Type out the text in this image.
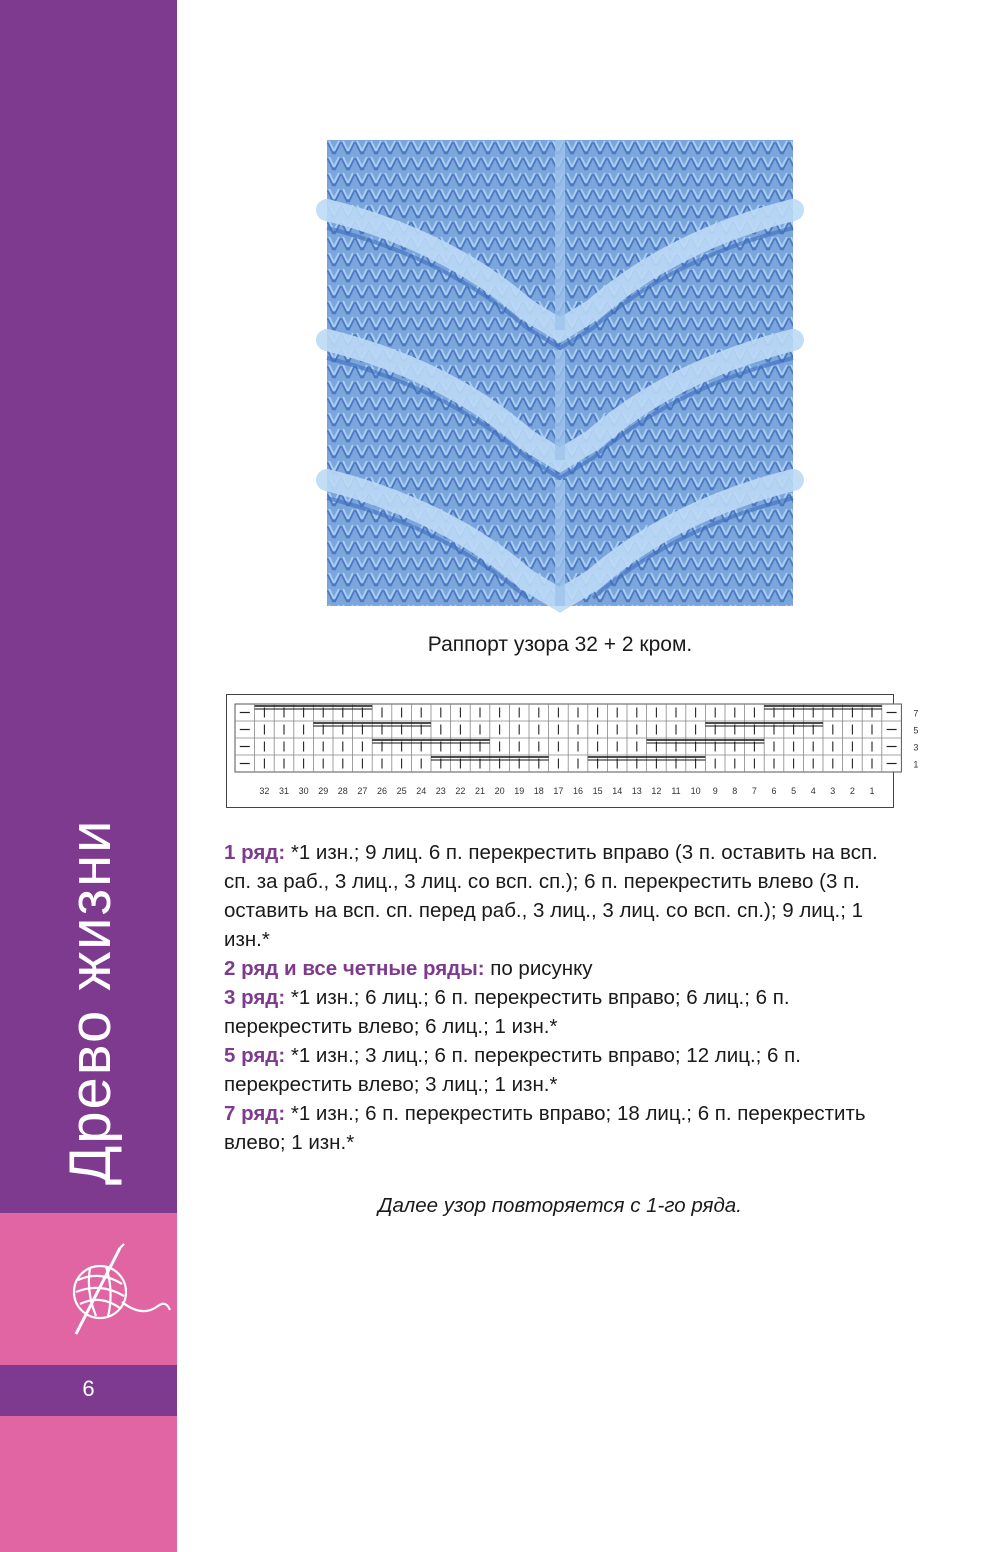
Древо жизни
6
Раппорт узора 32 + 2 кром.
7
5
3
1
32 31 30 29 28 27 26 25 24 23 22 21 20 19 18 17 16 15 14 13 12 11 10 9 8 7 6 5 4 3 2 1

1 ряд: *1 изн.; 9 лиц. 6 п. перекрестить вправо (3 п. оставить на всп. сп. за раб., 3 лиц., 3 лиц. со всп. сп.); 6 п. перекрестить влево (3 п. оставить на всп. сп. перед раб., 3 лиц., 3 лиц. со всп. сп.); 9 лиц.; 1 изн.*

2 ряд и все четные ряды: по рисунку

3 ряд: *1 изн.; 6 лиц.; 6 п. перекрестить вправо; 6 лиц.; 6 п. перекрестить влево; 6 лиц.; 1 изн.*

5 ряд: *1 изн.; 3 лиц.; 6 п. перекрестить вправо; 12 лиц.; 6 п. перекрестить влево; 3 лиц.; 1 изн.*

7 ряд: *1 изн.; 6 п. перекрестить вправо; 18 лиц.; 6 п. перекрестить влево; 1 изн.*

Далее узор повторяется с 1-го ряда.
